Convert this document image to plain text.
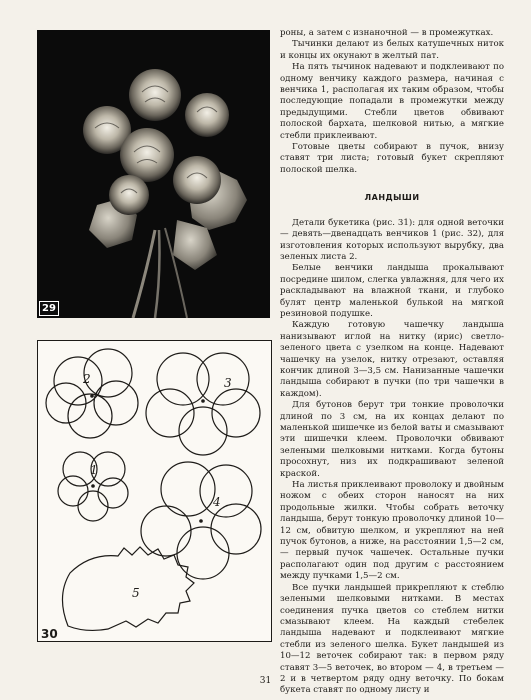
29
2	3
1
4
5
30

роны, а затем с изнаночной — в промежутках.

Тычинки делают из белых катушечных ниток и концы их окунают в желтый пат.

На пять тычинок надевают и подклеивают по одному венчику каждого размера, начиная с венчика 1, располагая их таким образом, чтобы последующие попадали в промежутки между предыдущими. Стебли цветов обвивают полоской бархата, шелковой нитью, а мягкие стебли приклеивают.

Готовые цветы собирают в пучок, внизу ставят три листа; готовый букет скрепляют полоской шелка.

ЛАНДЫШИ

Детали букетика (рис. 31): для одной веточки — девять—двенадцать венчиков 1 (рис. 32), для изготовления которых используют вырубку, два зеленых листа 2.

Белые венчики ландыша прокалывают посредине шилом, слегка увлажняя, для чего их раскладывают на влажной ткани, и глубоко булят центр маленькой булькой на мягкой резиновой подушке.

Каждую готовую чашечку ландыша нанизывают иглой на нитку (ирис) светло-зеленого цвета с узелком на конце. Надевают чашечку на узелок, нитку отрезают, оставляя кончик длиной 3—3,5 см. Нанизанные чашечки ландыша собирают в пучки (по три чашечки в каждом).

Для бутонов берут три тонкие проволочки длиной по 3 см, на их концах делают по маленькой шишечке из белой ваты и смазывают эти шишечки клеем. Проволочки обвивают зелеными шелковыми нитками. Когда бутоны просохнут, низ их подкрашивают зеленой краской.

На листья приклеивают проволоку и двойным ножом с обеих сторон наносят на них продольные жилки. Чтобы собрать веточку ландыша, берут тонкую проволочку длиной 10—12 см, обвитую шелком, и укрепляют на ней пучок бутонов, а ниже, на расстоянии 1,5—2 см, — первый пучок чашечек. Остальные пучки располагают один под другим с расстоянием между пучками 1,5—2 см.

Все пучки ландышей прикрепляют к стеблю зелеными шелковыми нитками. В местах соединения пучка цветов со стеблем нитки смазывают клеем. На каждый стебелек ландыша надевают и подклеивают мягкие стебли из зеленого шелка. Букет ландышей из 10—12 веточек собирают так: в первом ряду ставят 3—5 веточек, во втором — 4, в третьем — 2 и в четвертом ряду одну веточку. По бокам букета ставят по одному листу и

31
